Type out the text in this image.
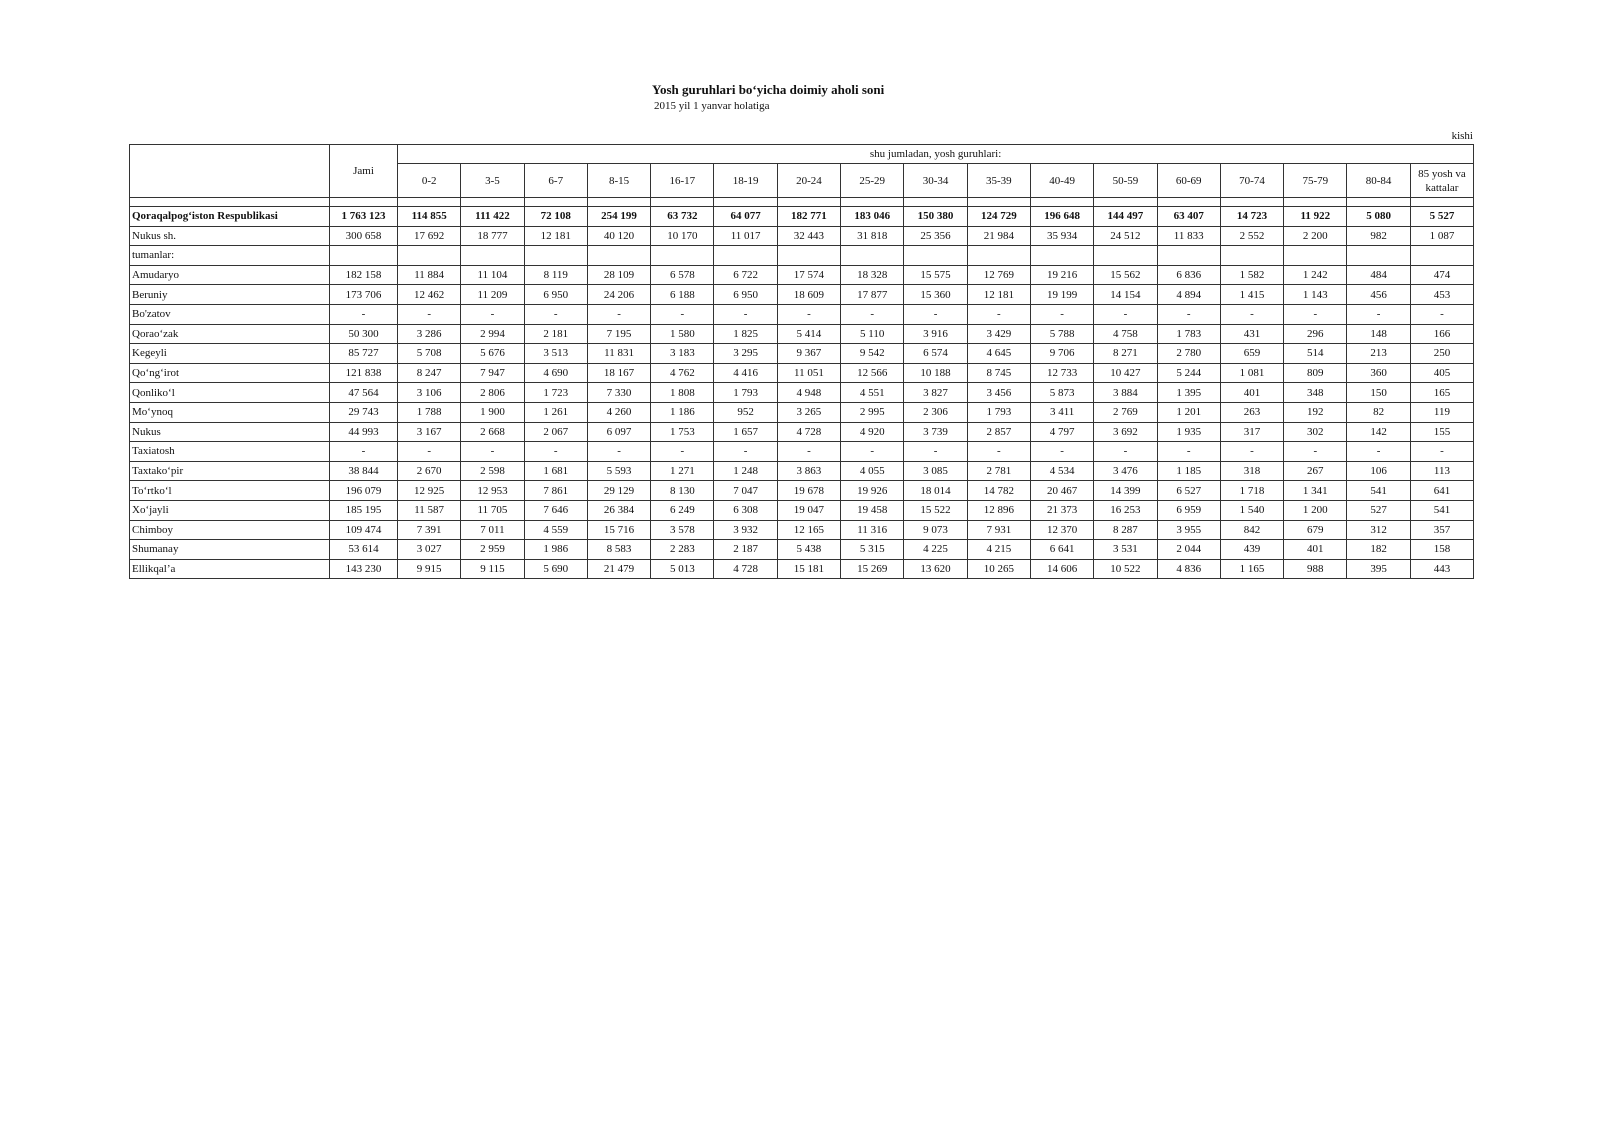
Yosh guruhlari bo‘yicha doimiy aholi soni
2015 yil 1 yanvar holatiga
kishi
	Jami	shu jumladan, yosh guruhlari:																
		0-2	3-5	6-7	8-15	16-17	18-19	20-24	25-29	30-34	35-39	40-49	50-59	60-69	70-74	75-79	80-84	85 yosh va kattalar

Qoraqalpog‘iston Respublikasi	1 763 123	114 855	111 422	72 108	254 199	63 732	64 077	182 771	183 046	150 380	124 729	196 648	144 497	63 407	14 723	11 922	5 080	5 527
Nukus sh.	300 658	17 692	18 777	12 181	40 120	10 170	11 017	32 443	31 818	25 356	21 984	35 934	24 512	11 833	2 552	2 200	982	1 087
tumanlar:																		
Amudaryo	182 158	11 884	11 104	8 119	28 109	6 578	6 722	17 574	18 328	15 575	12 769	19 216	15 562	6 836	1 582	1 242	484	474
Beruniy	173 706	12 462	11 209	6 950	24 206	6 188	6 950	18 609	17 877	15 360	12 181	19 199	14 154	4 894	1 415	1 143	456	453
Bo'zatov	-	-	-	-	-	-	-	-	-	-	-	-	-	-	-	-	-	-
Qorao‘zak	50 300	3 286	2 994	2 181	7 195	1 580	1 825	5 414	5 110	3 916	3 429	5 788	4 758	1 783	431	296	148	166
Kegeyli	85 727	5 708	5 676	3 513	11 831	3 183	3 295	9 367	9 542	6 574	4 645	9 706	8 271	2 780	659	514	213	250
Qo‘ng‘irot	121 838	8 247	7 947	4 690	18 167	4 762	4 416	11 051	12 566	10 188	8 745	12 733	10 427	5 244	1 081	809	360	405
Qonliko‘l	47 564	3 106	2 806	1 723	7 330	1 808	1 793	4 948	4 551	3 827	3 456	5 873	3 884	1 395	401	348	150	165
Mo‘ynoq	29 743	1 788	1 900	1 261	4 260	1 186	952	3 265	2 995	2 306	1 793	3 411	2 769	1 201	263	192	82	119
Nukus	44 993	3 167	2 668	2 067	6 097	1 753	1 657	4 728	4 920	3 739	2 857	4 797	3 692	1 935	317	302	142	155
Taxiatosh	-	-	-	-	-	-	-	-	-	-	-	-	-	-	-	-	-	-
Taxtako‘pir	38 844	2 670	2 598	1 681	5 593	1 271	1 248	3 863	4 055	3 085	2 781	4 534	3 476	1 185	318	267	106	113
To‘rtko‘l	196 079	12 925	12 953	7 861	29 129	8 130	7 047	19 678	19 926	18 014	14 782	20 467	14 399	6 527	1 718	1 341	541	641
Xo‘jayli	185 195	11 587	11 705	7 646	26 384	6 249	6 308	19 047	19 458	15 522	12 896	21 373	16 253	6 959	1 540	1 200	527	541
Chimboy	109 474	7 391	7 011	4 559	15 716	3 578	3 932	12 165	11 316	9 073	7 931	12 370	8 287	3 955	842	679	312	357
Shumanay	53 614	3 027	2 959	1 986	8 583	2 283	2 187	5 438	5 315	4 225	4 215	6 641	3 531	2 044	439	401	182	158
Ellikqal’a	143 230	9 915	9 115	5 690	21 479	5 013	4 728	15 181	15 269	13 620	10 265	14 606	10 522	4 836	1 165	988	395	443
